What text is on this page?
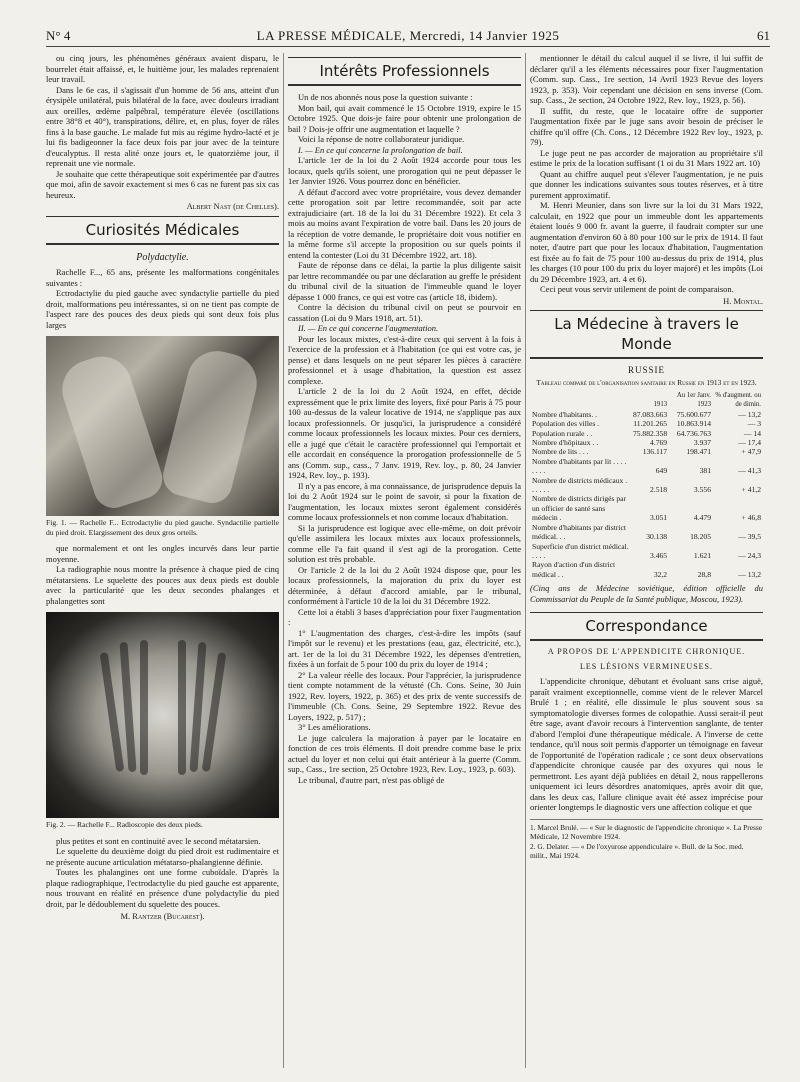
N° 4	LA PRESSE MÉDICALE, Mercredi, 14 Janvier 1925	61

ou cinq jours, les phénomènes généraux avaient disparu, le bourrelet était affaissé, et, le huitième jour, les malades reprenaient leur travail.

Dans le 6e cas, il s'agissait d'un homme de 56 ans, atteint d'un érysipèle unilatéral, puis bilatéral de la face, avec douleurs irradiant aux oreilles, œdème palpébral, température élevée (oscillations entre 38°8 et 40°), transpirations, délire, et, en plus, foyer de râles fins à la base gauche. Le malade fut mis au régime hydro-lacté et je lui fis badigeonner la face deux fois par jour avec de la teinture d'eucalyptus. Il resta alité onze jours et, le quatorzième jour, il reprenait une vie normale.

Je souhaite que cette thérapeutique soit expérimentée par d'autres que moi, afin de savoir exactement si mes 6 cas ne furent pas six cas heureux.

Albert Nast (de Chelles).
Curiosités Médicales
Polydactylie.

Rachelle F..., 65 ans, présente les malformations congénitales suivantes :

Ectrodactylie du pied gauche avec syndactylie partielle du pied droit, malformations peu intéressantes, si on ne tient pas compte de l'aspect rare des pouces des deux pieds qui sont deux fois plus larges

Fig. 1. — Rachelle F... Ectrodactylie du pied gauche. Syndactilie partielle du pied droit. Elargissement des deux gros orteils.

que normalement et ont les ongles incurvés dans leur partie moyenne.

La radiographie nous montre la présence à chaque pied de cinq métatarsiens. Le squelette des pouces aux deux pieds est double avec la particularité que les deux secondes phalanges et phalangettes sont

Fig. 2. — Rachelle F... Radioscopie des deux pieds.

plus petites et sont en continuité avec le second métatarsien.

Le squelette du deuxième doigt du pied droit est rudimentaire et ne présente aucune articulation métatarso-phalangienne définie.

Toutes les phalangines ont une forme cuboïdale. D'après la plaque radiographique, l'ectrodactylie du pied gauche est apparente, nous trouvant en réalité en présence d'une polydactylie du pied droit, par le dédoublement du squelette des pouces.

M. Rantzer (Bucarest).
Intérêts Professionnels

Un de nos abonnés nous pose la question suivante :

Mon bail, qui avait commencé le 15 Octobre 1919, expire le 15 Octobre 1925. Que dois-je faire pour obtenir une prolongation de bail ? Dois-je offrir une augmentation et laquelle ?

Voici la réponse de notre collaborateur juridique.

I. — En ce qui concerne la prolongation de bail.

L'article 1er de la loi du 2 Août 1924 accorde pour tous les locaux, quels qu'ils soient, une prorogation qui ne peut dépasser le 1er Janvier 1926. Vous pourrez donc en bénéficier.

A défaut d'accord avec votre propriétaire, vous devez demander cette prorogation soit par lettre recommandée, soit par acte extrajudiciaire (art. 18 de la loi du 31 Décembre 1922). Et cela 3 mois au moins avant l'expiration de votre bail. Dans les 20 jours de la réception de votre demande, le propriétaire doit vous notifier en la même forme s'il accepte la proposition ou sur quels points il entend la contester (Loi du 31 Décembre 1922, art. 18).

Faute de réponse dans ce délai, la partie la plus diligente saisit par lettre recommandée ou par une déclaration au greffe le président du tribunal civil de la situation de l'immeuble quand le loyer dépasse 1 000 francs, ce qui est votre cas (article 18, ibidem).

Contre la décision du tribunal civil on peut se pourvoir en cassation (Loi du 9 Mars 1918, art. 51).

II. — En ce qui concerne l'augmentation.

Pour les locaux mixtes, c'est-à-dire ceux qui servent à la fois à l'exercice de la profession et à l'habitation (ce qui est votre cas, je pense) et dans lesquels on ne peut séparer les pièces à caractère professionnel et à usage d'habitation, la question est assez complexe.

L'article 2 de la loi du 2 Août 1924, en effet, décide expressément que le prix limite des loyers, fixé pour Paris à 75 pour 100 au-dessus de la valeur locative de 1914, ne s'applique pas aux locaux professionnels. Or jusqu'ici, la jurisprudence a considéré comme locaux professionnels les locaux mixtes. Pour ces derniers, elle a jugé que c'était le caractère professionnel qui l'emportait et elle accordait en conséquence la prorogation professionnelle de 5 ans (Comm. sup., cass., 7 Janv. 1919, Rev. loy., p. 80, 24 Janvier 1924, Rev. loy., p. 193).

Il n'y a pas encore, à ma connaissance, de jurisprudence depuis la loi du 2 Août 1924 sur le point de savoir, si pour la fixation de l'augmentation, les locaux mixtes seront également considérés comme locaux professionnels et non comme locaux d'habitation.

Si la jurisprudence est logique avec elle-même, on doit prévoir qu'elle assimilera les locaux mixtes aux locaux professionnels, comme elle l'a fait quand il s'est agi de la prorogation. Cette solution est très probable.

Or l'article 2 de la loi du 2 Août 1924 dispose que, pour les locaux professionnels, la majoration du prix du loyer est déterminée, à défaut d'accord amiable, par le tribunal, conformément à l'article 10 de la loi du 31 Décembre 1922.

Cette loi a établi 3 bases d'appréciation pour fixer l'augmentation :

1° L'augmentation des charges, c'est-à-dire les impôts (sauf l'impôt sur le revenu) et les prestations (eau, gaz, électricité, etc.), art. 1er de la loi du 31 Décembre 1922, les dépenses d'entretien, fixées à un forfait de 5 pour 100 du prix du loyer de 1914 ;

2° La valeur réelle des locaux. Pour l'apprécier, la jurisprudence tient compte notamment de la vétusté (Ch. Cons. Seine, 30 Juin 1922, Rev. loyers, 1922, p. 365) et des prix de vente successifs de l'immeuble (Ch. Cons. Seine, 29 Septembre 1922. Revue des Loyers, 1922, p. 517) ;

3° Les améliorations.

Le juge calculera la majoration à payer par le locataire en fonction de ces trois éléments. Il doit prendre comme base le prix actuel du loyer et non celui qui était antérieur à la guerre (Comm. sup., Cass., 1re section, 25 Octobre 1923, Rev. Loy., 1923, p. 603).

Le tribunal, d'autre part, n'est pas obligé de

mentionner le détail du calcul auquel il se livre, il lui suffit de déclarer qu'il a les éléments nécessaires pour fixer l'augmentation (Comm. sup. Cass., 1re section, 14 Avril 1923 Revue des loyers 1923, p. 353). Voir cependant une décision en sens inverse (Com. sup. Cass., 2e section, 24 Octobre 1922, Rev. loy., 1923, p. 56).

Il suffit, du reste, que le locataire offre de supporter l'augmentation fixée par le juge sans avoir besoin de préciser le chiffre qu'il offre (Ch. Cons., 12 Décembre 1922 Rev loy., 1923, p. 79).

Le juge peut ne pas accorder de majoration au propriétaire s'il estime le prix de la location suffisant (1 oi du 31 Mars 1922 art. 10)

Quant au chiffre auquel peut s'élever l'augmentation, je ne puis que donner les indications suivantes sous toutes réserves, et à titre purement approximatif.

M. Henri Meunier, dans son livre sur la loi du 31 Mars 1922, calculait, en 1922 que pour un immeuble dont les appartements étaient loués 9 000 fr. avant la guerre, il faudrait compter sur une augmentation d'environ 60 à 80 pour 100 sur le prix de 1914. Il faut noter, d'autre part que pour les locaux d'habitation, l'augmentation est fixée au fo fait de 75 pour 100 au-dessus du prix de 1914, plus les charges (10 pour 100 du prix du loyer majoré) et les impôts (Loi du 29 Décembre 1923, art. 4 et 6).

Ceci peut vous servir utilement de point de comparaison.

H. Montal.
La Médecine à travers le Monde
RUSSIE
Tableau comparé de l'organisation sanitaire en Russie en 1913 et en 1923.
	1913	Au 1er Janv. 1923	% d'augment. ou de dimin.
Nombre d'habitants. .	87.083.663	75.600.677	— 13,2
Population des villes .	11.201.265	10.863.914	— 3
Population rurale . .	75.882.358	64.736.763	— 14
Nombre d'hôpitaux . .	4.769	3.937	— 17,4
Nombre de lits . . .	136.117	198.471	+ 47,9
Nombre d'habitants par lit . . . . . . . .	649	381	— 41,3
Nombre de districts médicaux . . . . . .	2.518	3.556	+ 41,2
Nombre de districts dirigés par un officier de santé sans médecin .	3.051	4.479	+ 46,8
Nombre d'habitants par district médical. . .	30.138	18.205	— 39,5
Superficie d'un district médical. . . . .	3.465	1.621	— 24,3
Rayon d'action d'un district médical . .	32,2	28,8	— 13,2

(Cinq ans de Médecine soviétique, édition officielle du Commissariat du Peuple de la Santé publique, Moscou, 1923).

Correspondance
A PROPOS DE L'APPENDICITE CHRONIQUE.
LES LÉSIONS VERMINEUSES.

L'appendicite chronique, débutant et évoluant sans crise aiguë, paraît vraiment exceptionnelle, comme vient de le relever Marcel Brulé 1 ; en réalité, elle dissimule le plus souvent sous sa symptomatologie diverses formes de colopathie. Aussi serait-il peut être sage, avant d'avoir recours à l'intervention sanglante, de tenter d'abord l'emploi d'une thérapeutique médicale. A l'inverse de cette tendance, qu'il nous soit permis d'apporter un témoignage en faveur de l'opportunité de l'opération radicale ; ce sont deux observations d'appendicite chronique causée par des oxyures qui nous le permettront. Les ayant déjà publiées en détail 2, nous rappellerons uniquement ici leurs désordres anatomiques, après avoir dit que, dans les deux cas, l'allure clinique avait été assez imprécise pour orienter longtemps le diagnostic vers une affection colique et que

1. Marcel Brulé. — « Sur le diagnostic de l'appendicite chronique ». La Presse Médicale, 12 Novembre 1924.
2. G. Delater. — « De l'oxyurose appendiculaire ». Bull. de la Soc. med. milit., Mai 1924.
